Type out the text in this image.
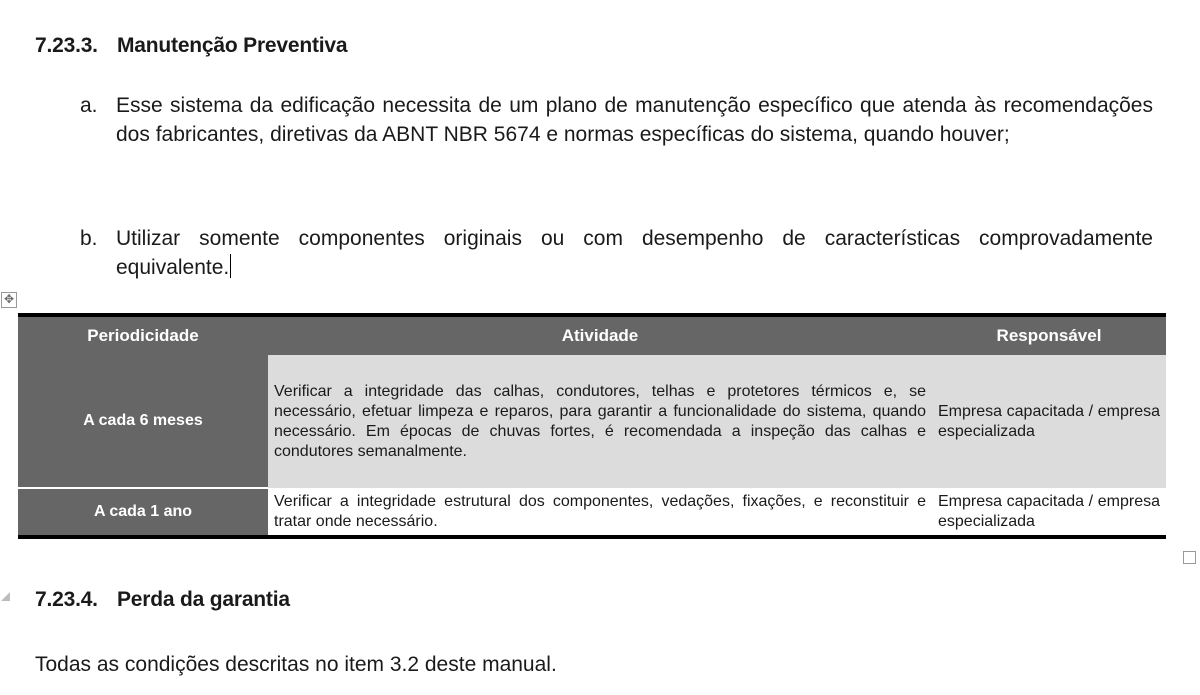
7.23.3. Manutenção Preventiva
a. Esse sistema da edificação necessita de um plano de manutenção específico que atenda às recomendações dos fabricantes, diretivas da ABNT NBR 5674 e normas específicas do sistema, quando houver;
b. Utilizar somente componentes originais ou com desempenho de características comprovadamente equivalente.
✥
Periodicidade	Atividade	Responsável
A cada 6 meses	Verificar a integridade das calhas, condutores, telhas e protetores térmicos e, se necessário, efetuar limpeza e reparos, para garantir a funcionalidade do sistema, quando necessário. Em épocas de chuvas fortes, é recomendada a inspeção das calhas e condutores semanalmente.	Empresa capacitada / empresa especializada
A cada 1 ano	Verificar a integridade estrutural dos componentes, vedações, fixações, e reconstituir e tratar onde necessário.	Empresa capacitada / empresa especializada
7.23.4. Perda da garantia
Todas as condições descritas no item 3.2 deste manual.
